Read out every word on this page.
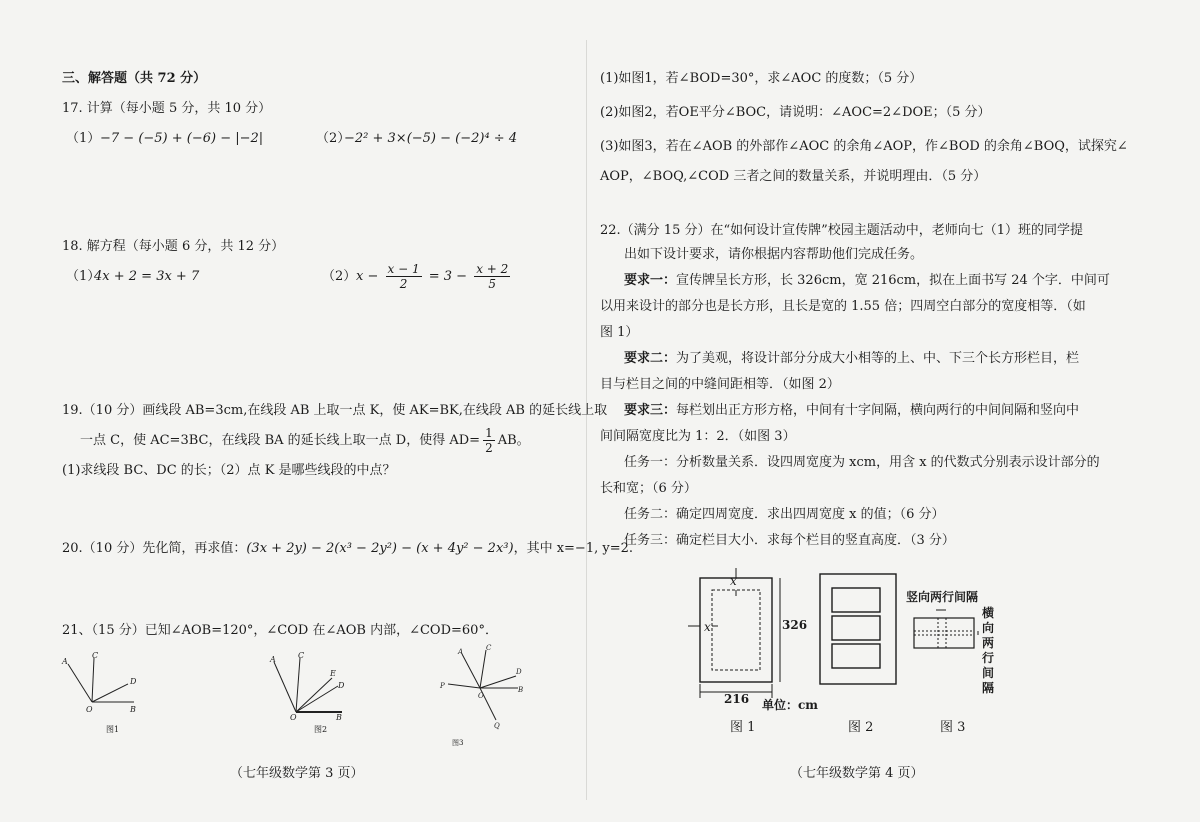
三、解答题（共 72 分）
17. 计算（每小题 5 分，共 10 分）
（1） −7 − (−5) + (−6) − |−2|	（2）
−2² + 3×(−5) − (−2)⁴ ÷ 4
18. 解方程（每小题 6 分，共 12 分）
（1）
4x + 2 = 3x + 7	（2） $x - \frac{x - 1}{2} = 3 - \frac{x + 2}{5}$
19.（10 分）画线段 AB=3cm,在线段 AB 上取一点 K，使 AK=BK,在线段 AB 的延长线上取
一点 C，使 AC=3BC，在线段 BA 的延长线上取一点 D，使得 $AD= \frac{1}{2}$ AB。
(1)求线段 BC、DC 的长；（2）点 K 是哪些线段的中点？
20.（10 分）先化简，再求值：(3x + 2y) − 2(x³ − 2y²) − (x + 4y² − 2x³)，其中 x=−1, y=2.
21、（15 分）已知∠AOB=120°，∠COD 在∠AOB 内部，∠COD=60°．
A
C
D
B
O
图1
A	C
E
D
B
O
图2
A	C
D
B
P
Q
O
图3
（七年级数学第 3 页）
(1)如图1，若∠BOD=30°，求∠AOC 的度数；（5 分）
(2)如图2，若OE平分∠BOC，请说明：∠AOC=2∠DOE；（5 分）
(3)如图3，若在∠AOB 的外部作∠AOC 的余角∠AOP，作∠BOD 的余角∠BOQ，试探究∠
AOP，∠BOQ,∠COD 三者之间的数量关系，并说明理由．（5 分）
22.（满分 15 分）在“如何设计宣传牌”校园主题活动中，老师向七（1）班的同学提
出如下设计要求，请你根据内容帮助他们完成任务。
要求一：宣传牌呈长方形，长 326cm，宽 216cm，拟在上面书写 24 个字．中间可
以用来设计的部分也是长方形，且长是宽的 1.55 倍；四周空白部分的宽度相等．（如
图 1）
要求二：为了美观，将设计部分分成大小相等的上、中、下三个长方形栏目，栏
目与栏目之间的中缝间距相等．（如图 2）
要求三：每栏划出正方形方格，中间有十字间隔，横向两行的中间间隔和竖向中
间间隔宽度比为 1：2．（如图 3）
任务一：分析数量关系．设四周宽度为 xcm，用含 x 的代数式分别表示设计部分的
长和宽；（6 分）
任务二：确定四周宽度．求出四周宽度 x 的值；（6 分）
任务三：确定栏目大小．求每个栏目的竖直高度．（3 分）
x
x	326
216 单位：cm
图 1	图 2
竖向两行间隔
横向两行间隔
图 3
（七年级数学第 4 页）
